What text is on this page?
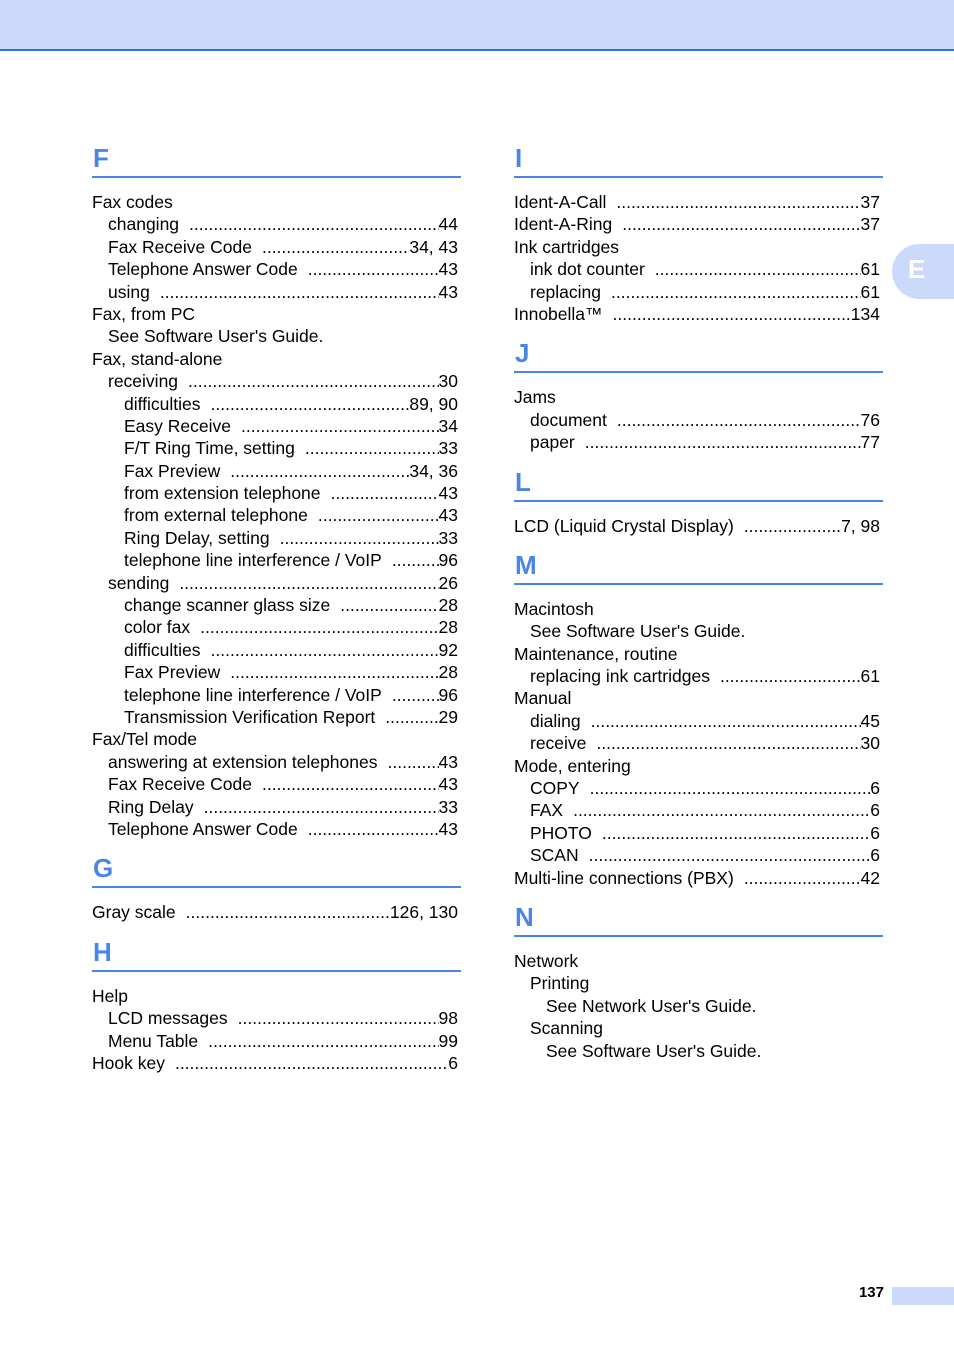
E
F
Fax codes
changing .....	44
Fax Receive Code .....	34, 43
Telephone Answer Code .....	43
using .....	43
Fax, from PC
See Software User's Guide.
Fax, stand-alone
receiving .....	30
difficulties .....	89, 90
Easy Receive .....	34
F/T Ring Time, setting .....	33
Fax Preview .....	34, 36
from extension telephone .....	43
from external telephone .....	43
Ring Delay, setting .....	33
telephone line interference / VoIP .....	96
sending .....	26
change scanner glass size .....	28
color fax .....	28
difficulties .....	92
Fax Preview .....	28
telephone line interference / VoIP .....	96
Transmission Verification Report .....	29
Fax/Tel mode
answering at extension telephones .....	43
Fax Receive Code .....	43
Ring Delay .....	33
Telephone Answer Code .....	43
G
Gray scale .....	126, 130
H
Help
LCD messages .....	98
Menu Table .....	99
Hook key .....	6
I
Ident-A-Call .....	37
Ident-A-Ring .....	37
Ink cartridges
ink dot counter .....	61
replacing .....	61
Innobella™ .....	134
J
Jams
document .....	76
paper .....	77
L
LCD (Liquid Crystal Display) .....	7, 98
M
Macintosh
See Software User's Guide.
Maintenance, routine
replacing ink cartridges .....	61
Manual
dialing .....	45
receive .....	30
Mode, entering
COPY .....	6
FAX .....	6
PHOTO .....	6
SCAN .....	6
Multi-line connections (PBX) .....	42
N
Network
Printing
See Network User's Guide.
Scanning
See Software User's Guide.
137
